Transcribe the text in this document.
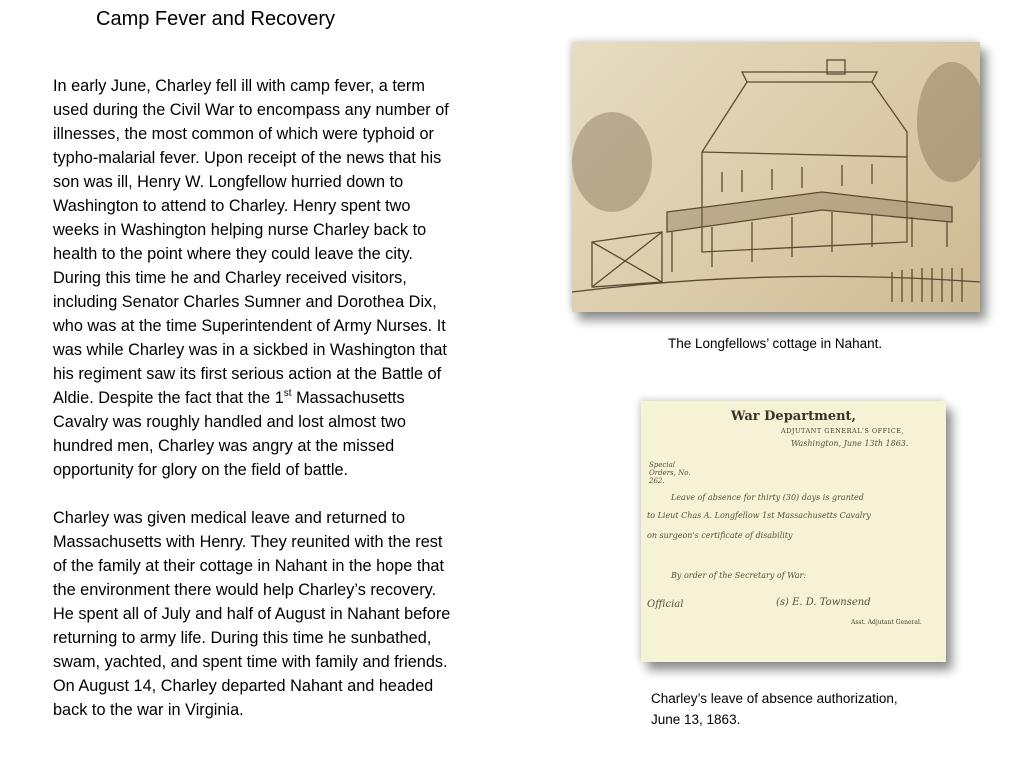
Camp Fever and Recovery
In early June, Charley fell ill with camp fever, a term
used during the Civil War to encompass any number of
illnesses, the most common of which were typhoid or
typho-malarial fever. Upon receipt of the news that his
son was ill, Henry W. Longfellow hurried down to
Washington to attend to Charley. Henry spent two
weeks in Washington helping nurse Charley back to
health to the point where they could leave the city.
During this time he and Charley received visitors,
including Senator Charles Sumner and Dorothea Dix,
who was at the time Superintendent of Army Nurses. It
was while Charley was in a sickbed in Washington that
his regiment saw its first serious action at the Battle of
Aldie. Despite the fact that the 1st Massachusetts
Cavalry was roughly handled and lost almost two
hundred men, Charley was angry at the missed
opportunity for glory on the field of battle.
Charley was given medical leave and returned to
Massachusetts with Henry. They reunited with the rest
of the family at their cottage in Nahant in the hope that
the environment there would help Charley’s recovery.
He spent all of July and half of August in Nahant before
returning to army life. During this time he sunbathed,
swam, yachted, and spent time with family and friends.
On August 14, Charley departed Nahant and headed
back to the war in Virginia.
The Longfellows’ cottage in Nahant.
War Department,
ADJUTANT GENERAL'S OFFICE,
Washington, June 13th 1863.
Special Orders, No. 262.
Leave of absence for thirty (30) days is granted
to Lieut Chas A. Longfellow 1st Massachusetts Cavalry
on surgeon's certificate of disability
By order of the Secretary of War:
Official	(s) E. D. Townsend
Asst. Adjutant General.
Charley’s leave of absence authorization,
June 13, 1863.
